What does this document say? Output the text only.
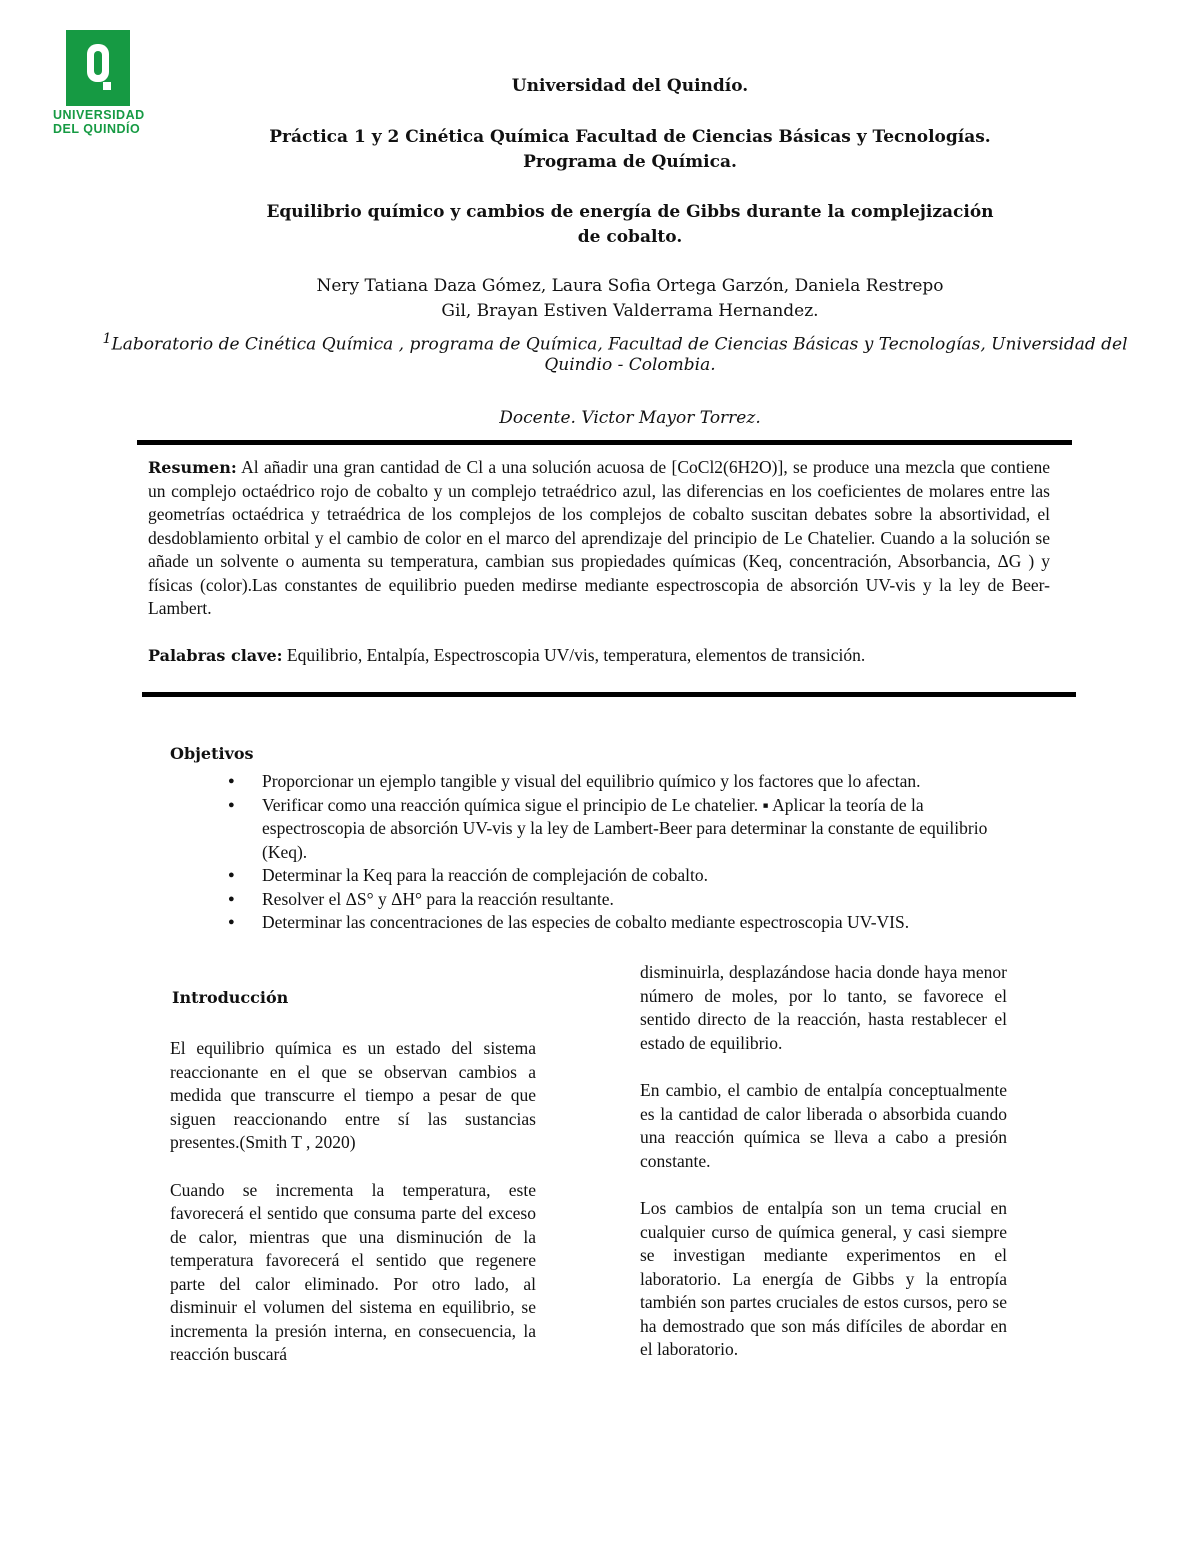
UNIVERSIDAD
DEL QUINDÍO
Universidad del Quindío.
Práctica 1 y 2 Cinética Química Facultad de Ciencias Básicas y Tecnologías.
Programa de Química.
Equilibrio químico y cambios de energía de Gibbs durante la complejización
de cobalto.
Nery Tatiana Daza Gómez, Laura Sofia Ortega Garzón, Daniela Restrepo
Gil, Brayan Estiven Valderrama Hernandez.
$^1$Laboratorio de Cinética Química , programa de Química, Facultad de Ciencias Básicas y Tecnologías, Universidad del
Quindio - Colombia.
Docente. Victor Mayor Torrez.
Resumen: Al añadir una gran cantidad de Cl a una solución acuosa de [CoCl2(6H2O)], se produce una mezcla que contiene un complejo octaédrico rojo de cobalto y un complejo tetraédrico azul, las diferencias en los coeficientes de molares entre las geometrías octaédrica y tetraédrica de los complejos de los complejos de cobalto suscitan debates sobre la absortividad, el desdoblamiento orbital y el cambio de color en el marco del aprendizaje del principio de Le Chatelier. Cuando a la solución se añade un solvente o aumenta su temperatura, cambian sus propiedades químicas (Keq, concentración, Absorbancia, ΔG ) y físicas (color).Las constantes de equilibrio pueden medirse mediante espectroscopia de absorción UV-vis y la ley de Beer-Lambert.
Palabras clave: Equilibrio, Entalpía, Espectroscopia UV/vis, temperatura, elementos de transición.
Objetivos
● Proporcionar un ejemplo tangible y visual del equilibrio químico y los factores que lo afectan.
● Verificar como una reacción química sigue el principio de Le chatelier. ▪ Aplicar la teoría de la espectroscopia de absorción UV-vis y la ley de Lambert-Beer para determinar la constante de equilibrio (Keq).
● Determinar la Keq para la reacción de complejación de cobalto.
● Resolver el ΔS° y ΔH° para la reacción resultante.
● Determinar las concentraciones de las especies de cobalto mediante espectroscopia UV-VIS.
Introducción

El equilibrio química es un estado del sistema reaccionante en el que se observan cambios a medida que transcurre el tiempo a pesar de que siguen reaccionando entre sí las sustancias presentes.(Smith T , 2020)

Cuando se incrementa la temperatura, este favorecerá el sentido que consuma parte del exceso de calor, mientras que una disminución de la temperatura favorecerá el sentido que regenere parte del calor eliminado. Por otro lado, al disminuir el volumen del sistema en equilibrio, se incrementa la presión interna, en consecuencia, la reacción buscará

disminuirla, desplazándose hacia donde haya menor número de moles, por lo tanto, se favorece el sentido directo de la reacción, hasta restablecer el estado de equilibrio.

En cambio, el cambio de entalpía conceptualmente es la cantidad de calor liberada o absorbida cuando una reacción química se lleva a cabo a presión constante.

Los cambios de entalpía son un tema crucial en cualquier curso de química general, y casi siempre se investigan mediante experimentos en el laboratorio. La energía de Gibbs y la entropía también son partes cruciales de estos cursos, pero se ha demostrado que son más difíciles de abordar en el laboratorio.
